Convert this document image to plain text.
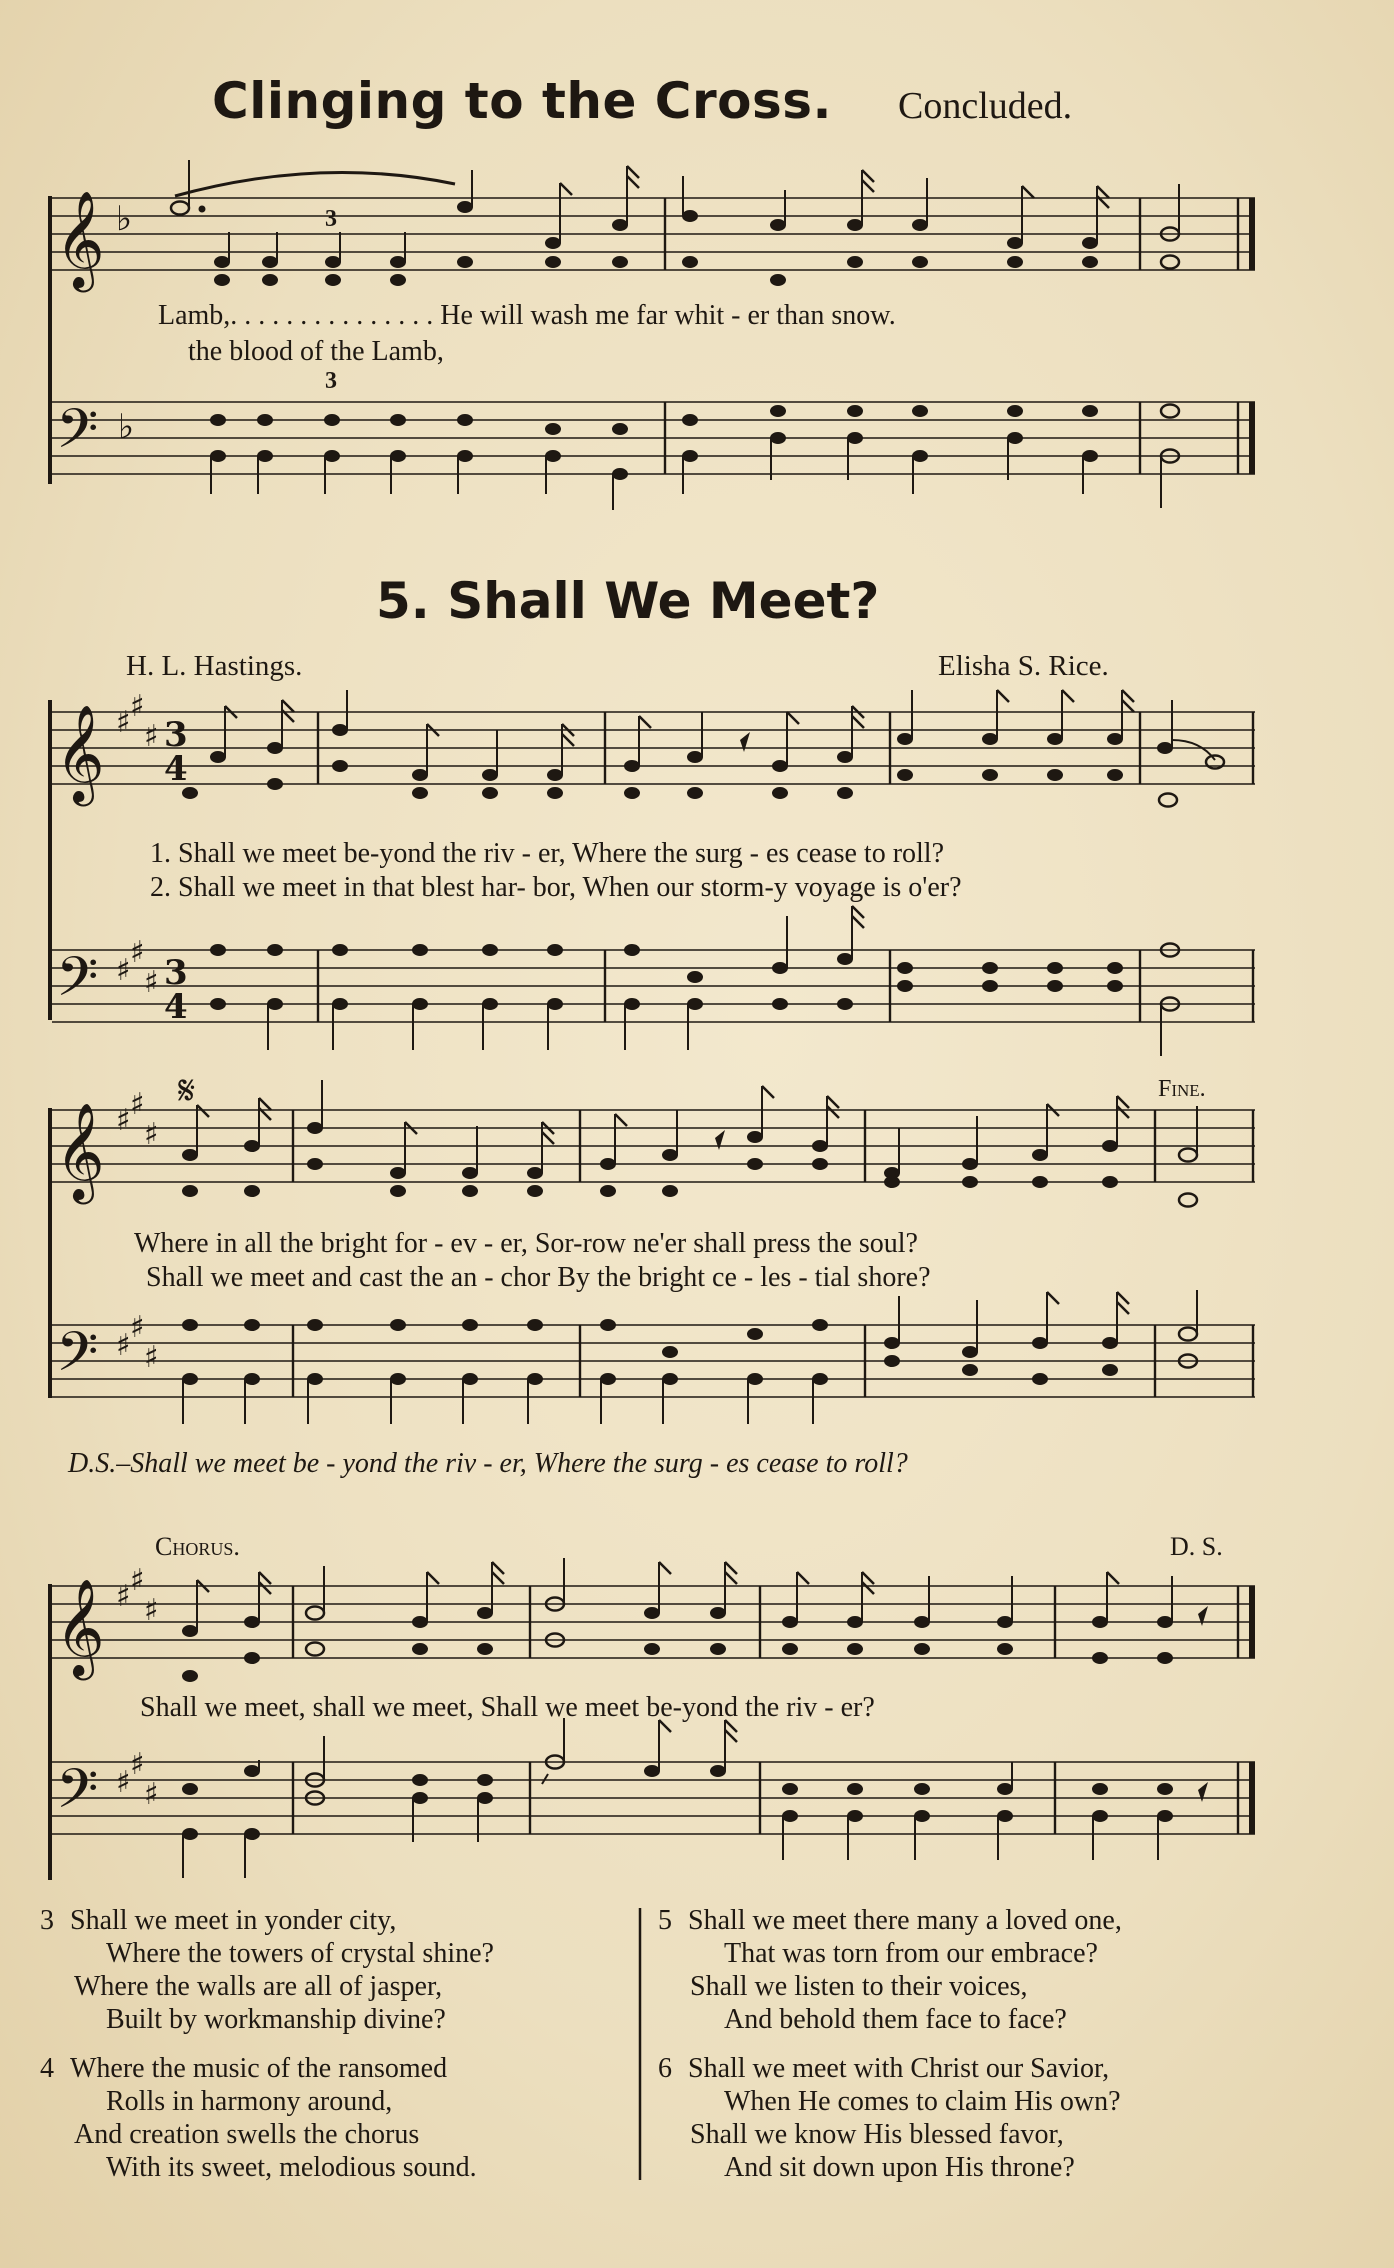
Clinging to the Cross. Concluded.
𝄞
𝄢
♭
♭
𝄞
𝄢
♯ ♯
♯
♯
♯
♯
3
4
3
4
𝄞
𝄢
♯ ♯
♯
♯
♯
♯
𝄞
𝄢
♯ ♯
♯
♯
♯
♯
3
3
Lamb,. . . . . . . . . . . . . . . He will wash me far whit - er than snow.
the blood of the Lamb,
5. Shall We Meet?
H. L. Hastings.	Elisha S. Rice.
1. Shall we meet be-yond the riv - er, Where the surg - es cease to roll?
2. Shall we meet in that blest har- bor, When our storm-y voyage is o'er?
𝄋	Fine.
Where in all the bright for - ev - er, Sor-row ne'er shall press the soul?
Shall we meet and cast the an - chor By the bright ce - les - tial shore?
D.S.–Shall we meet be - yond the riv - er, Where the surg - es cease to roll?
Chorus.	D. S.
Shall we meet, shall we meet, Shall we meet be-yond the riv - er?
3 Shall we meet in yonder city,
Where the towers of crystal shine?
Where the walls are all of jasper,
Built by workmanship divine?
4 Where the music of the ransomed
Rolls in harmony around,
And creation swells the chorus
With its sweet, melodious sound.
5 Shall we meet there many a loved one,
That was torn from our embrace?
Shall we listen to their voices,
And behold them face to face?
6 Shall we meet with Christ our Savior,
When He comes to claim His own?
Shall we know His blessed favor,
And sit down upon His throne?
